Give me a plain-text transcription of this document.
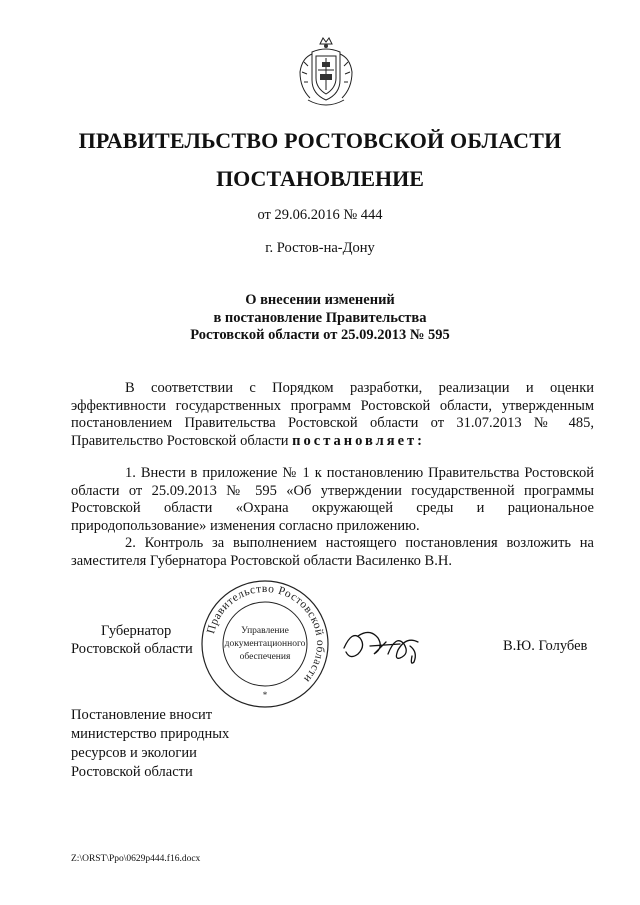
ПРАВИТЕЛЬСТВО РОСТОВСКОЙ ОБЛАСТИ
ПОСТАНОВЛЕНИЕ
от 29.06.2016 № 444
г. Ростов-на-Дону
О внесении изменений
в постановление Правительства
Ростовской области от 25.09.2013 № 595

В соответствии с Порядком разработки, реализации и оценки эффективности государственных программ Ростовской области, утвержденным постановлением Правительства Ростовской области от 31.07.2013 № 485, Правительство Ростовской области постановляет:

1. Внести в приложение № 1 к постановлению Правительства Ростовской области от 25.09.2013 № 595 «Об утверждении государственной программы Ростовской области «Охрана окружающей среды и рациональное природопользование» изменения согласно приложению.

2. Контроль за выполнением настоящего постановления возложить на заместителя Губернатора Ростовской области Василенко В.Н.

Губернатор
Ростовской области
Правительство Ростовской области
Управление
документационного
обеспечения
*
В.Ю. Голубев
Постановление вносит
министерство природных
ресурсов и экологии
Ростовской области
Z:\ORST\Ppo\0629p444.f16.docx
